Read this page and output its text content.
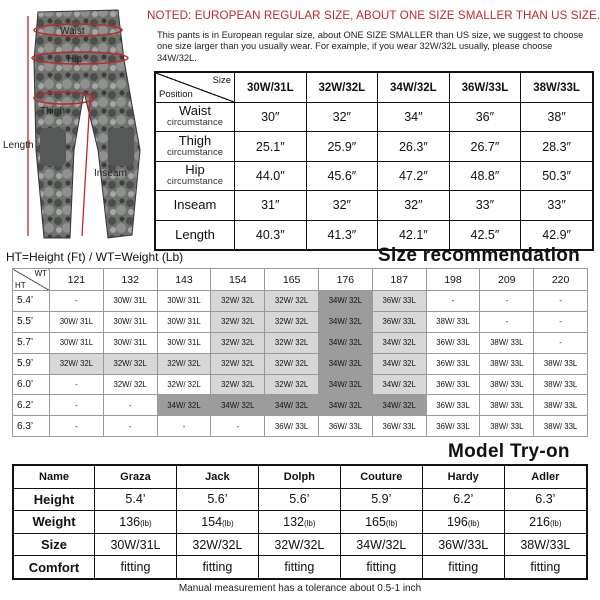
Waist
Hip
Thigh
Length
Inseam
NOTED: EUROPEAN REGULAR SIZE, ABOUT ONE SIZE SMALLER THAN US SIZE.
This pants is in European regular size, about ONE SIZE SMALLER than US size, we suggest to choose one size larger than you usually wear. For example, if you wear 32W/32L usually, please choose 34W/32L.
Size
Position	30W/31L	32W/32L	34W/32L	36W/33L	38W/33L
Waist
circumstance	30″	32″	34″	36″	38″
Thigh
circumstance	25.1″	25.9″	26.3″	26.7″	28.3″
Hip
circumstance	44.0″	45.6″	47.2″	48.8″	50.3″
Inseam	31″	32″	32″	33″	33″
Length	40.3″	41.3″	42.1″	42.5″	42.9″
HT=Height (Ft) / WT=Weight (Lb)	Size recommendation
WT
HT	121	132	143	154	165	176	187	198	209	220
5.4’	-	30W/ 31L	30W/ 31L	32W/ 32L	32W/ 32L	34W/ 32L	36W/ 33L	-	-	-
5.5’	30W/ 31L	30W/ 31L	30W/ 31L	32W/ 32L	32W/ 32L	34W/ 32L	36W/ 33L	38W/ 33L	-	-
5.7’	30W/ 31L	30W/ 31L	30W/ 31L	32W/ 32L	32W/ 32L	34W/ 32L	34W/ 32L	36W/ 33L	38W/ 33L	-
5.9’	32W/ 32L	32W/ 32L	32W/ 32L	32W/ 32L	32W/ 32L	34W/ 32L	34W/ 32L	36W/ 33L	38W/ 33L	38W/ 33L
6.0’	-	32W/ 32L	32W/ 32L	32W/ 32L	32W/ 32L	34W/ 32L	34W/ 32L	36W/ 33L	38W/ 33L	38W/ 33L
6.2’	-	-	34W/ 32L	34W/ 32L	34W/ 32L	34W/ 32L	34W/ 32L	36W/ 33L	38W/ 33L	38W/ 33L
6.3’	-	-	-	-	36W/ 33L	36W/ 33L	36W/ 33L	36W/ 33L	38W/ 33L	38W/ 33L
Model Try-on
Name	Graza	Jack	Dolph	Couture	Hardy	Adler
Height	5.4’	5.6’	5.6’	5.9’	6.2’	6.3’
Weight	136(lb)	154(lb)	132(lb)	165(lb)	196(lb)	216(lb)
Size	30W/31L	32W/32L	32W/32L	34W/32L	36W/33L	38W/33L
Comfort	fitting	fitting	fitting	fitting	fitting	fitting
Manual measurement has a tolerance about 0.5-1 inch
